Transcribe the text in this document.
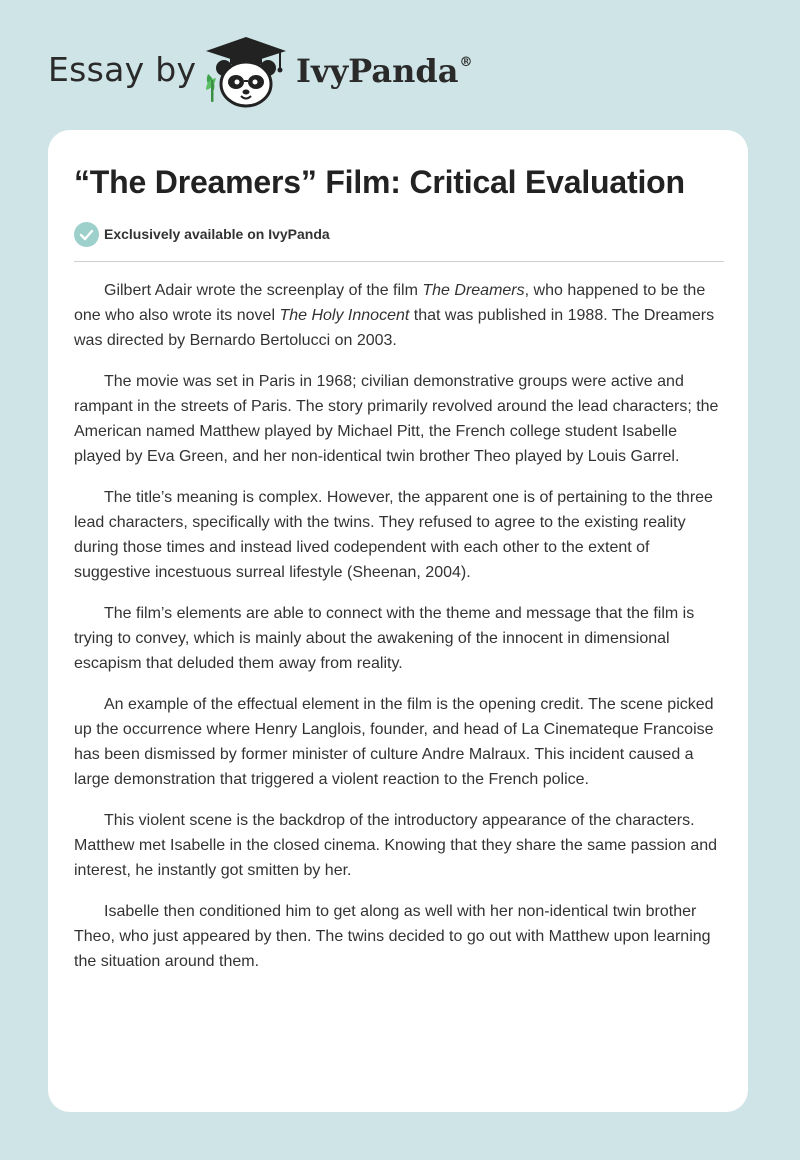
Essay by	IvyPanda®
“The Dreamers” Film: Critical Evaluation
Exclusively available on IvyPanda

Gilbert Adair wrote the screenplay of the film The Dreamers, who happened to be the one who also wrote its novel The Holy Innocent that was published in 1988. The Dreamers was directed by Bernardo Bertolucci on 2003.

The movie was set in Paris in 1968; civilian demonstrative groups were active and rampant in the streets of Paris. The story primarily revolved around the lead characters; the American named Matthew played by Michael Pitt, the French college student Isabelle played by Eva Green, and her non-identical twin brother Theo played by Louis Garrel.

The title’s meaning is complex. However, the apparent one is of pertaining to the three lead characters, specifically with the twins. They refused to agree to the existing reality during those times and instead lived codependent with each other to the extent of suggestive incestuous surreal lifestyle (Sheenan, 2004).

The film’s elements are able to connect with the theme and message that the film is trying to convey, which is mainly about the awakening of the innocent in dimensional escapism that deluded them away from reality.

An example of the effectual element in the film is the opening credit. The scene picked up the occurrence where Henry Langlois, founder, and head of La Cinemateque Francoise has been dismissed by former minister of culture Andre Malraux. This incident caused a large demonstration that triggered a violent reaction to the French police.

This violent scene is the backdrop of the introductory appearance of the characters. Matthew met Isabelle in the closed cinema. Knowing that they share the same passion and interest, he instantly got smitten by her.

Isabelle then conditioned him to get along as well with her non-identical twin brother Theo, who just appeared by then. The twins decided to go out with Matthew upon learning the situation around them.
